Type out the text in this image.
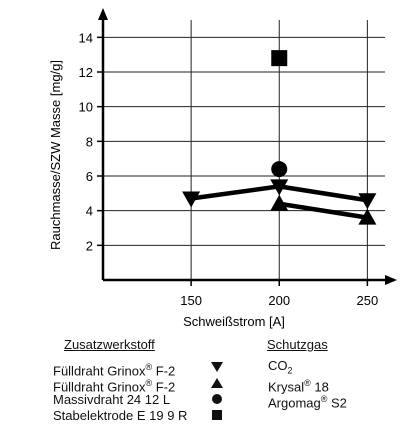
2
4
6
8
10
12
14
150	200	250
Schweißstrom [A]
Rauchmasse/SZW Masse [mg/g]
Zusatzwerkstoff	Schutzgas
Fülldraht Grinox® F-2
Fülldraht Grinox® F-2
Massivdraht 24 12 L
Stabelektrode E 19 9 R
$CO_2$
Krysal® 18
Argomag® S2
